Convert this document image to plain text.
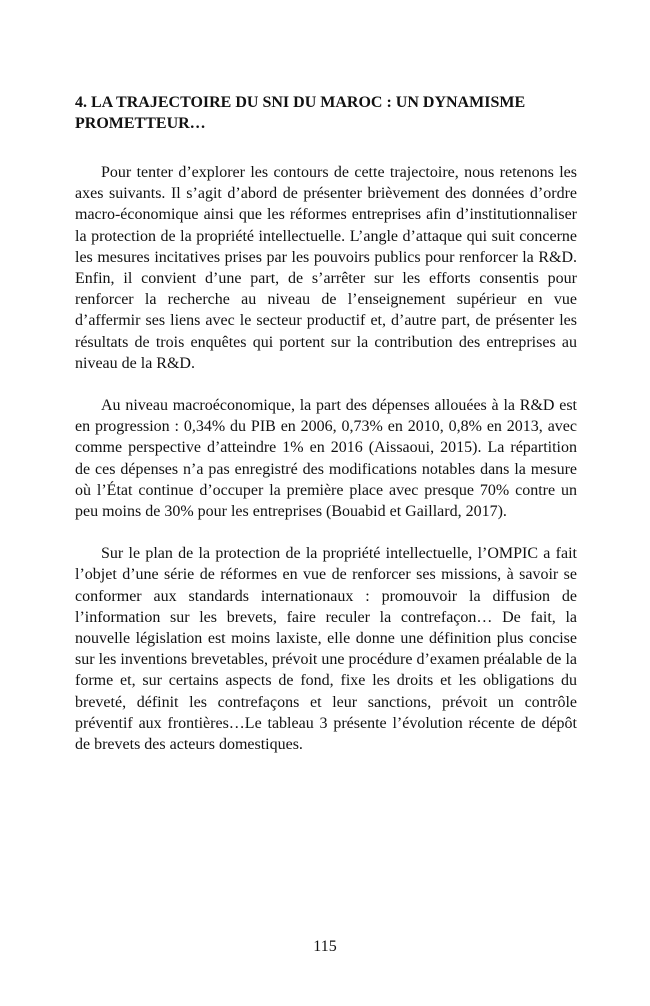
4. LA TRAJECTOIRE DU SNI DU MAROC : UN DYNAMISME PROMETTEUR…

Pour tenter d’explorer les contours de cette trajectoire, nous retenons les axes suivants. Il s’agit d’abord de présenter brièvement des données d’ordre macro-économique ainsi que les réformes entreprises afin d’institutionnaliser la protection de la propriété intellectuelle. L’angle d’attaque qui suit concerne les mesures incitatives prises par les pouvoirs publics pour renforcer la R&D. Enfin, il convient d’une part, de s’arrêter sur les efforts consentis pour renforcer la recherche au niveau de l’enseignement supérieur en vue d’affermir ses liens avec le secteur productif et, d’autre part, de présenter les résultats de trois enquêtes qui portent sur la contribution des entreprises au niveau de la R&D.

Au niveau macroéconomique, la part des dépenses allouées à la R&D est en progression : 0,34% du PIB en 2006, 0,73% en 2010, 0,8% en 2013, avec comme perspective d’atteindre 1% en 2016 (Aissaoui, 2015). La répartition de ces dépenses n’a pas enregistré des modifications notables dans la mesure où l’État continue d’occuper la première place avec presque 70% contre un peu moins de 30% pour les entreprises (Bouabid et Gaillard, 2017).

Sur le plan de la protection de la propriété intellectuelle, l’OMPIC a fait l’objet d’une série de réformes en vue de renforcer ses missions, à savoir se conformer aux standards internationaux : promouvoir la diffusion de l’information sur les brevets, faire reculer la contrefaçon… De fait, la nouvelle législation est moins laxiste, elle donne une définition plus concise sur les inventions brevetables, prévoit une procédure d’examen préalable de la forme et, sur certains aspects de fond, fixe les droits et les obligations du breveté, définit les contrefaçons et leur sanctions, prévoit un contrôle préventif aux frontières…Le tableau 3 présente l’évolution récente de dépôt de brevets des acteurs domestiques.

115
